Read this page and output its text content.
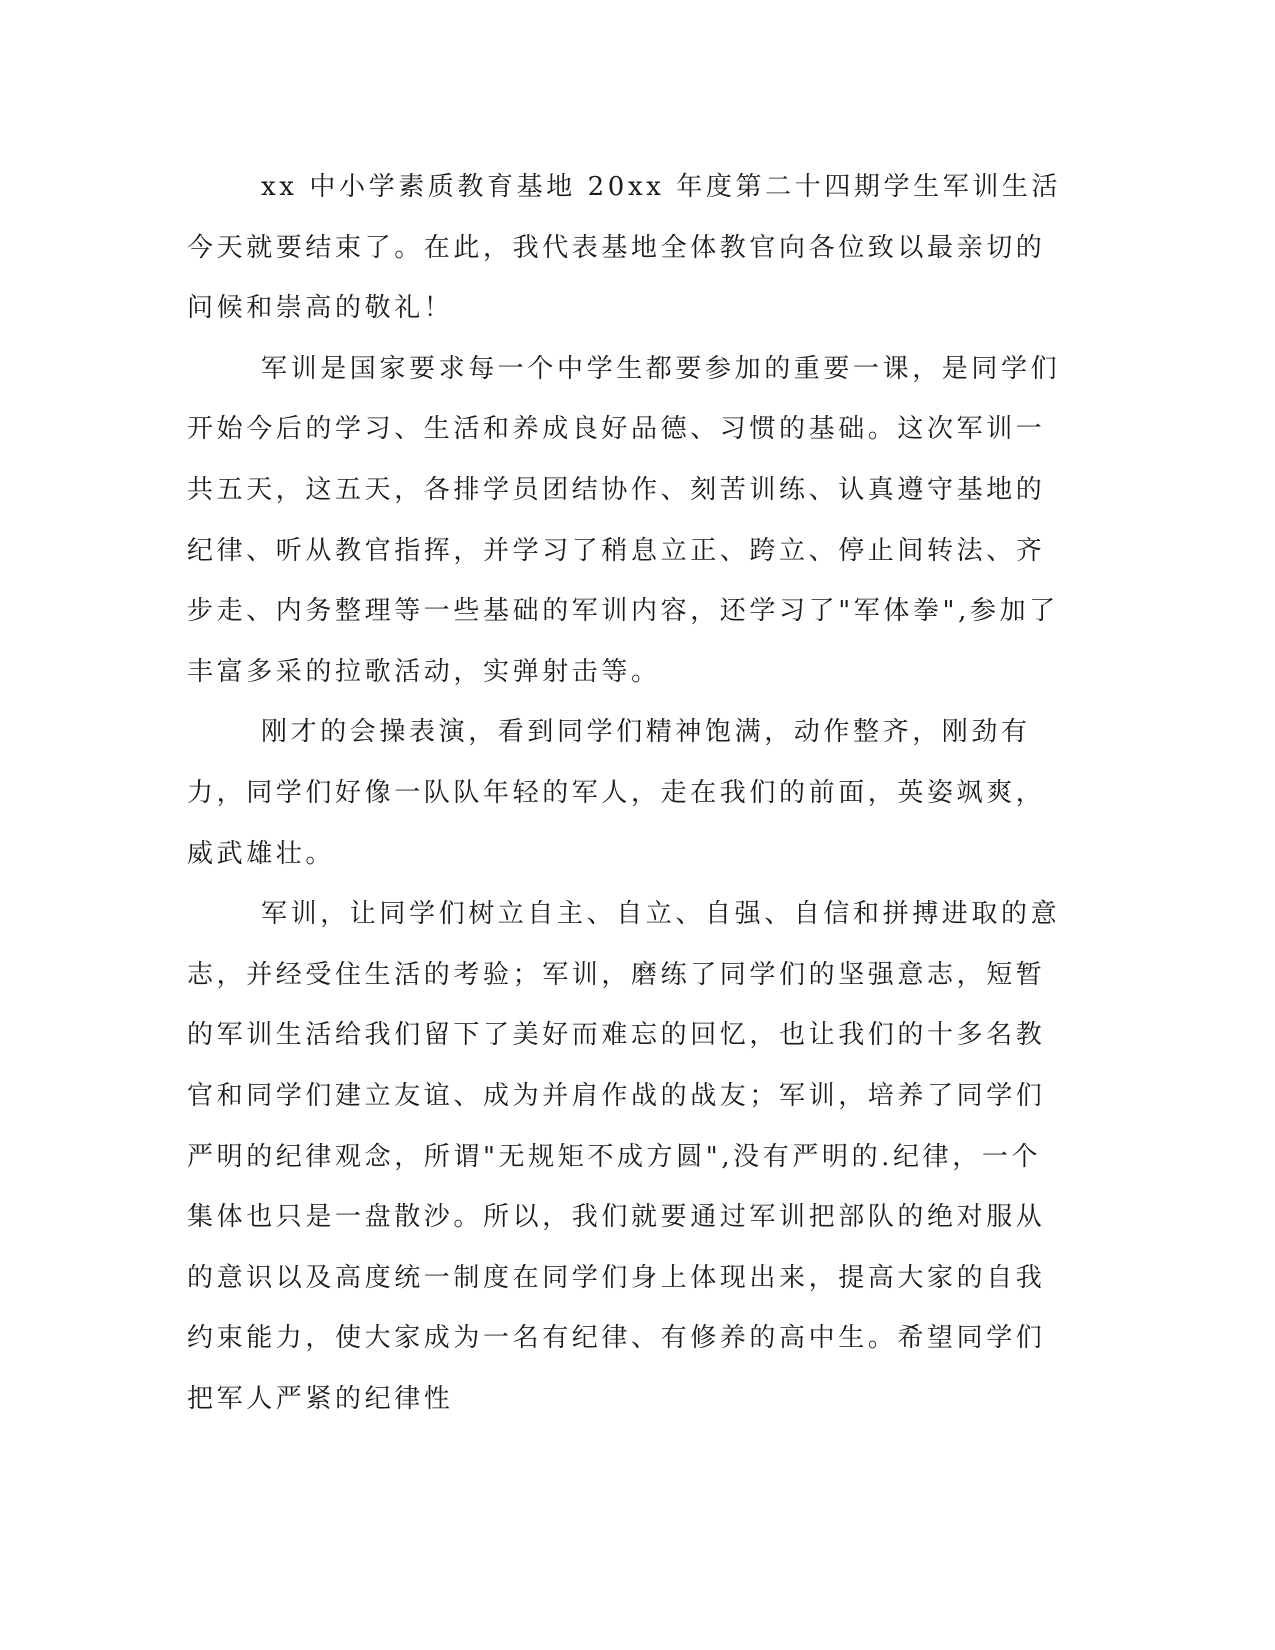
xx 中小学素质教育基地 20xx 年度第二十四期学生军训生活今天就要结束了。在此，我代表基地全体教官向各位致以最亲切的问候和崇高的敬礼！

军训是国家要求每一个中学生都要参加的重要一课，是同学们开始今后的学习、生活和养成良好品德、习惯的基础。这次军训一共五天，这五天，各排学员团结协作、刻苦训练、认真遵守基地的纪律、听从教官指挥，并学习了稍息立正、跨立、停止间转法、齐步走、内务整理等一些基础的军训内容，还学习了"军体拳",参加了丰富多采的拉歌活动，实弹射击等。

刚才的会操表演，看到同学们精神饱满，动作整齐，刚劲有力，同学们好像一队队年轻的军人，走在我们的前面，英姿飒爽，威武雄壮。

军训，让同学们树立自主、自立、自强、自信和拼搏进取的意志，并经受住生活的考验；军训，磨练了同学们的坚强意志，短暂的军训生活给我们留下了美好而难忘的回忆，也让我们的十多名教官和同学们建立友谊、成为并肩作战的战友；军训，培养了同学们严明的纪律观念，所谓"无规矩不成方圆",没有严明的.纪律，一个集体也只是一盘散沙。所以，我们就要通过军训把部队的绝对服从的意识以及高度统一制度在同学们身上体现出来，提高大家的自我约束能力，使大家成为一名有纪律、有修养的高中生。希望同学们把军人严紧的纪律性
